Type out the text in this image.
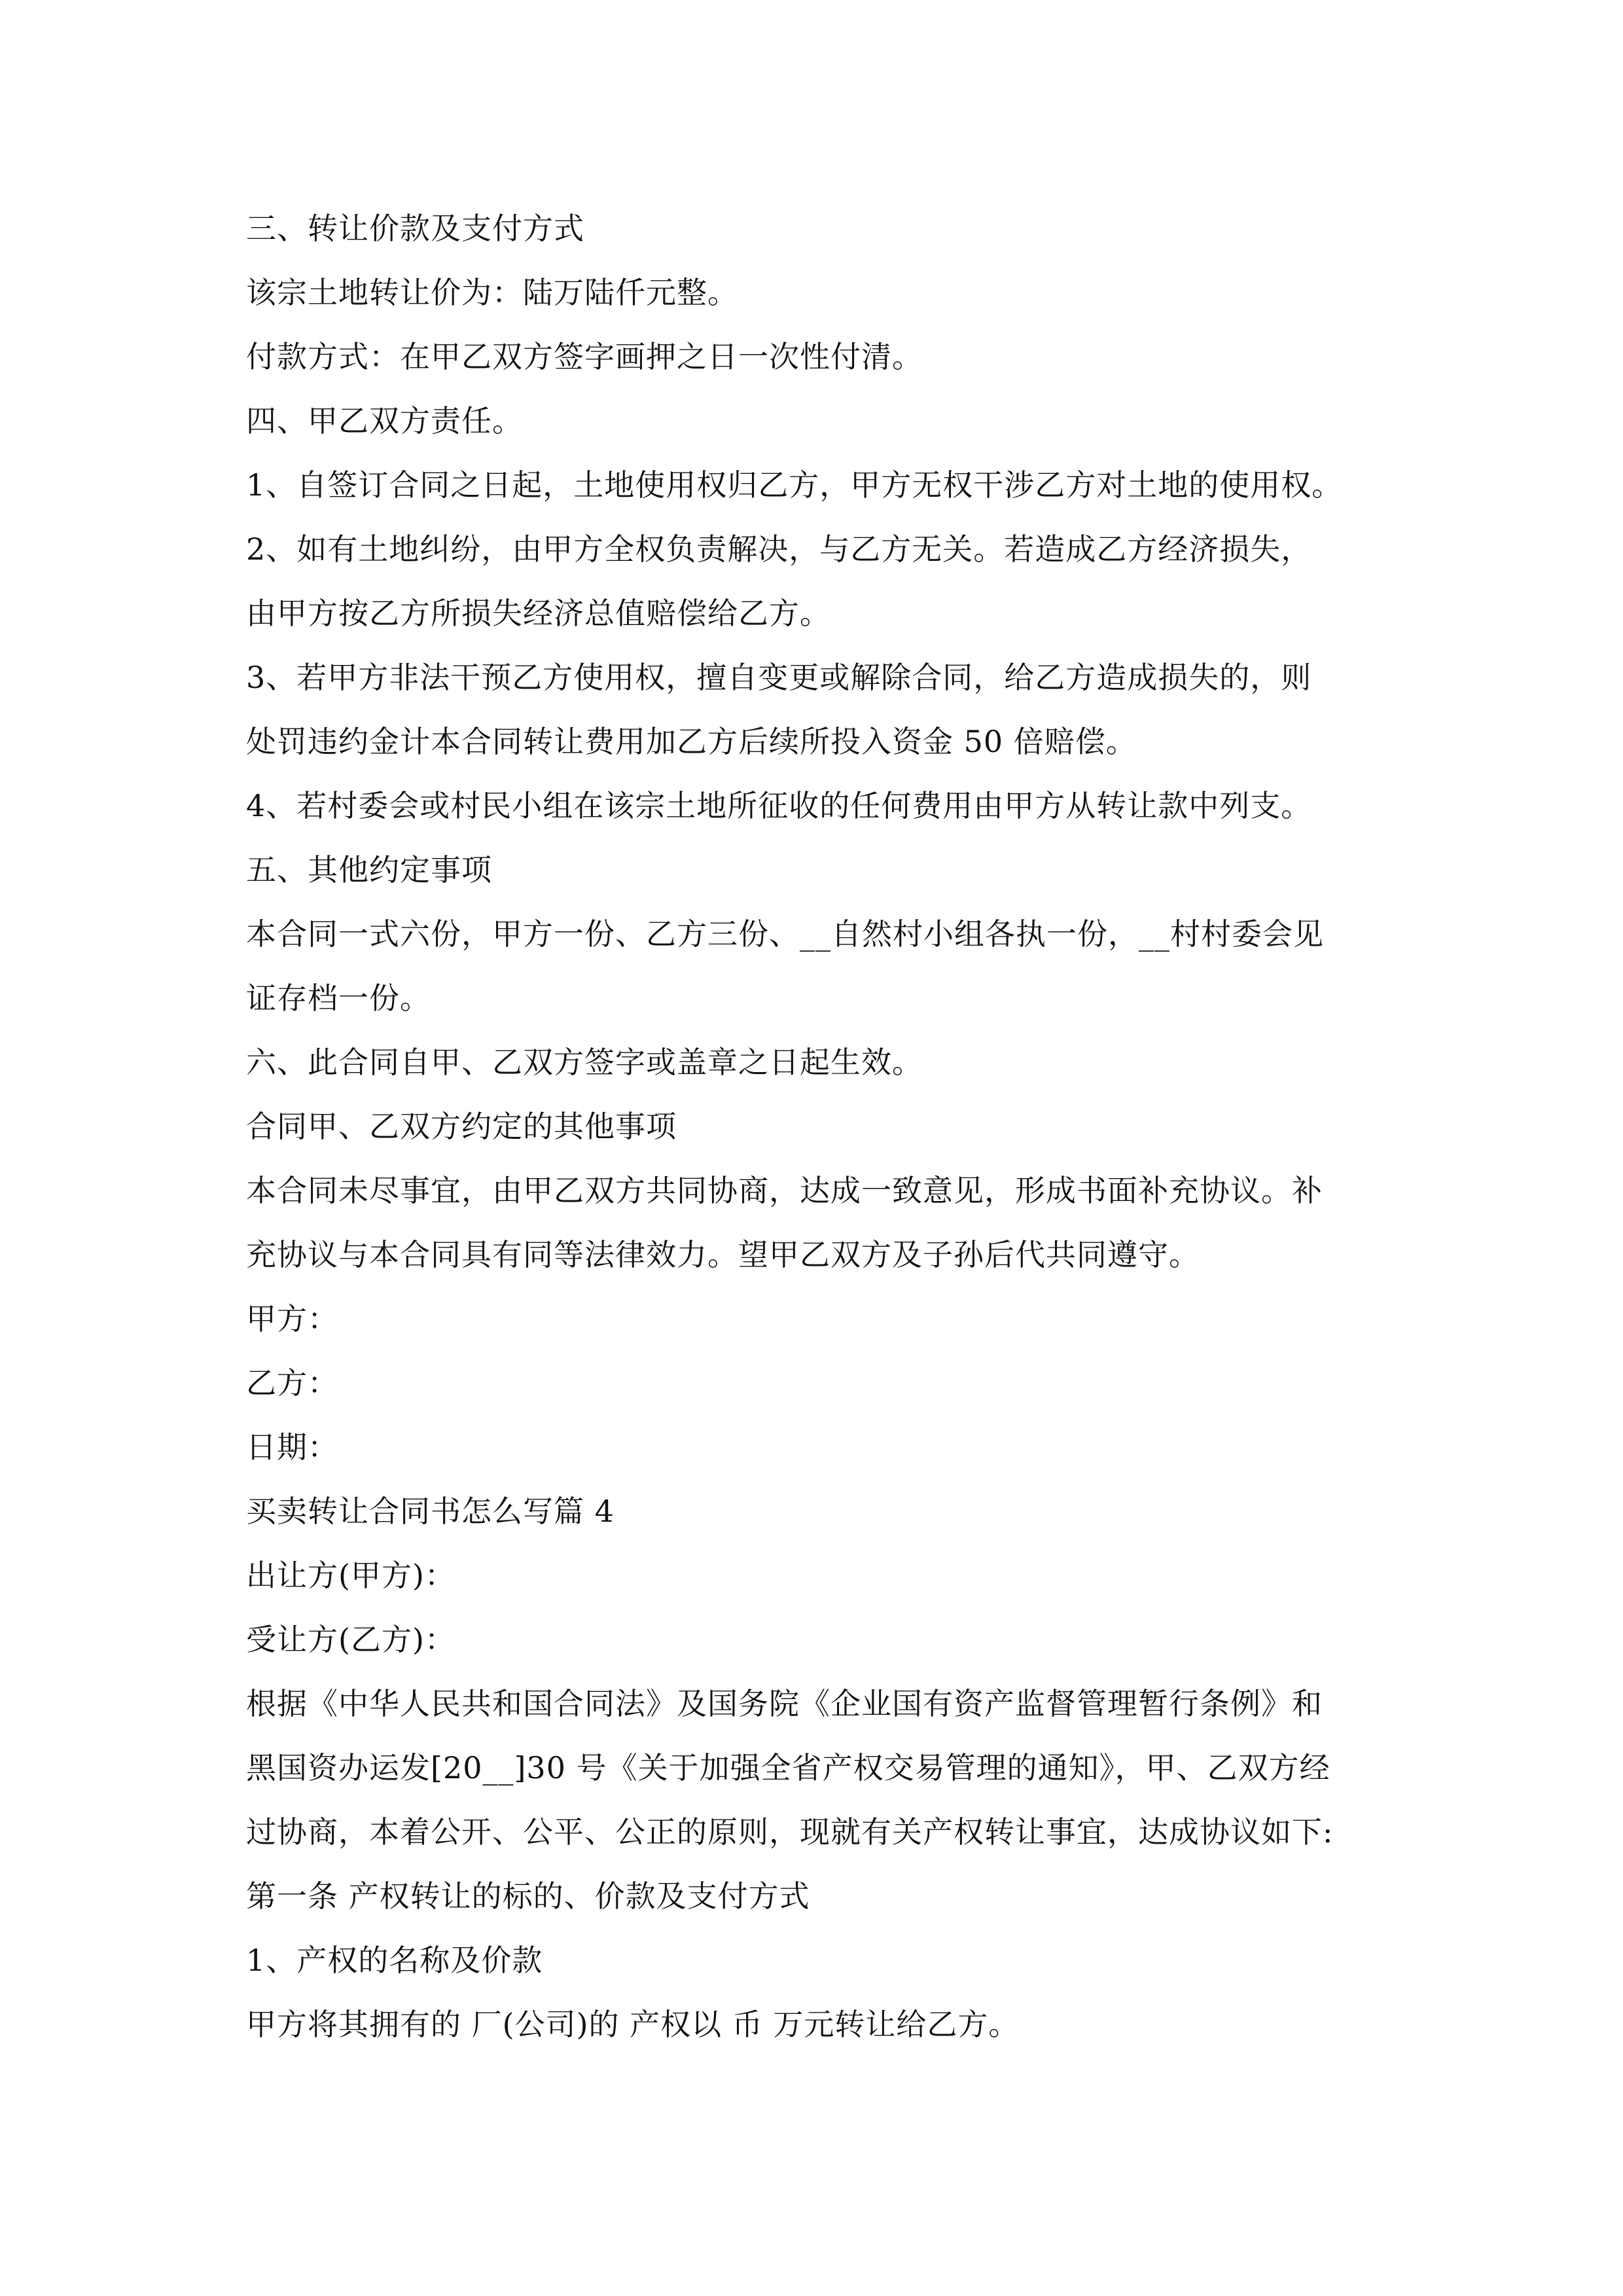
三、转让价款及支付方式
该宗土地转让价为：陆万陆仟元整。
付款方式：在甲乙双方签字画押之日一次性付清。
四、甲乙双方责任。
1、自签订合同之日起，土地使用权归乙方，甲方无权干涉乙方对土地的使用权。
2、如有土地纠纷，由甲方全权负责解决，与乙方无关。若造成乙方经济损失，
由甲方按乙方所损失经济总值赔偿给乙方。
3、若甲方非法干预乙方使用权，擅自变更或解除合同，给乙方造成损失的，则
处罚违约金计本合同转让费用加乙方后续所投入资金 50 倍赔偿。
4、若村委会或村民小组在该宗土地所征收的任何费用由甲方从转让款中列支。
五、其他约定事项
本合同一式六份，甲方一份、乙方三份、__自然村小组各执一份，__村村委会见
证存档一份。
六、此合同自甲、乙双方签字或盖章之日起生效。
合同甲、乙双方约定的其他事项
本合同未尽事宜，由甲乙双方共同协商，达成一致意见，形成书面补充协议。补
充协议与本合同具有同等法律效力。望甲乙双方及子孙后代共同遵守。
甲方：
乙方：
日期：
买卖转让合同书怎么写篇 4
出让方(甲方)：
受让方(乙方)：
根据《中华人民共和国合同法》及国务院《企业国有资产监督管理暂行条例》和
黑国资办运发[20__]30 号《关于加强全省产权交易管理的通知》，甲、乙双方经
过协商，本着公开、公平、公正的原则，现就有关产权转让事宜，达成协议如下:
第一条 产权转让的标的、价款及支付方式
1、产权的名称及价款
甲方将其拥有的 厂(公司)的 产权以 币 万元转让给乙方。
